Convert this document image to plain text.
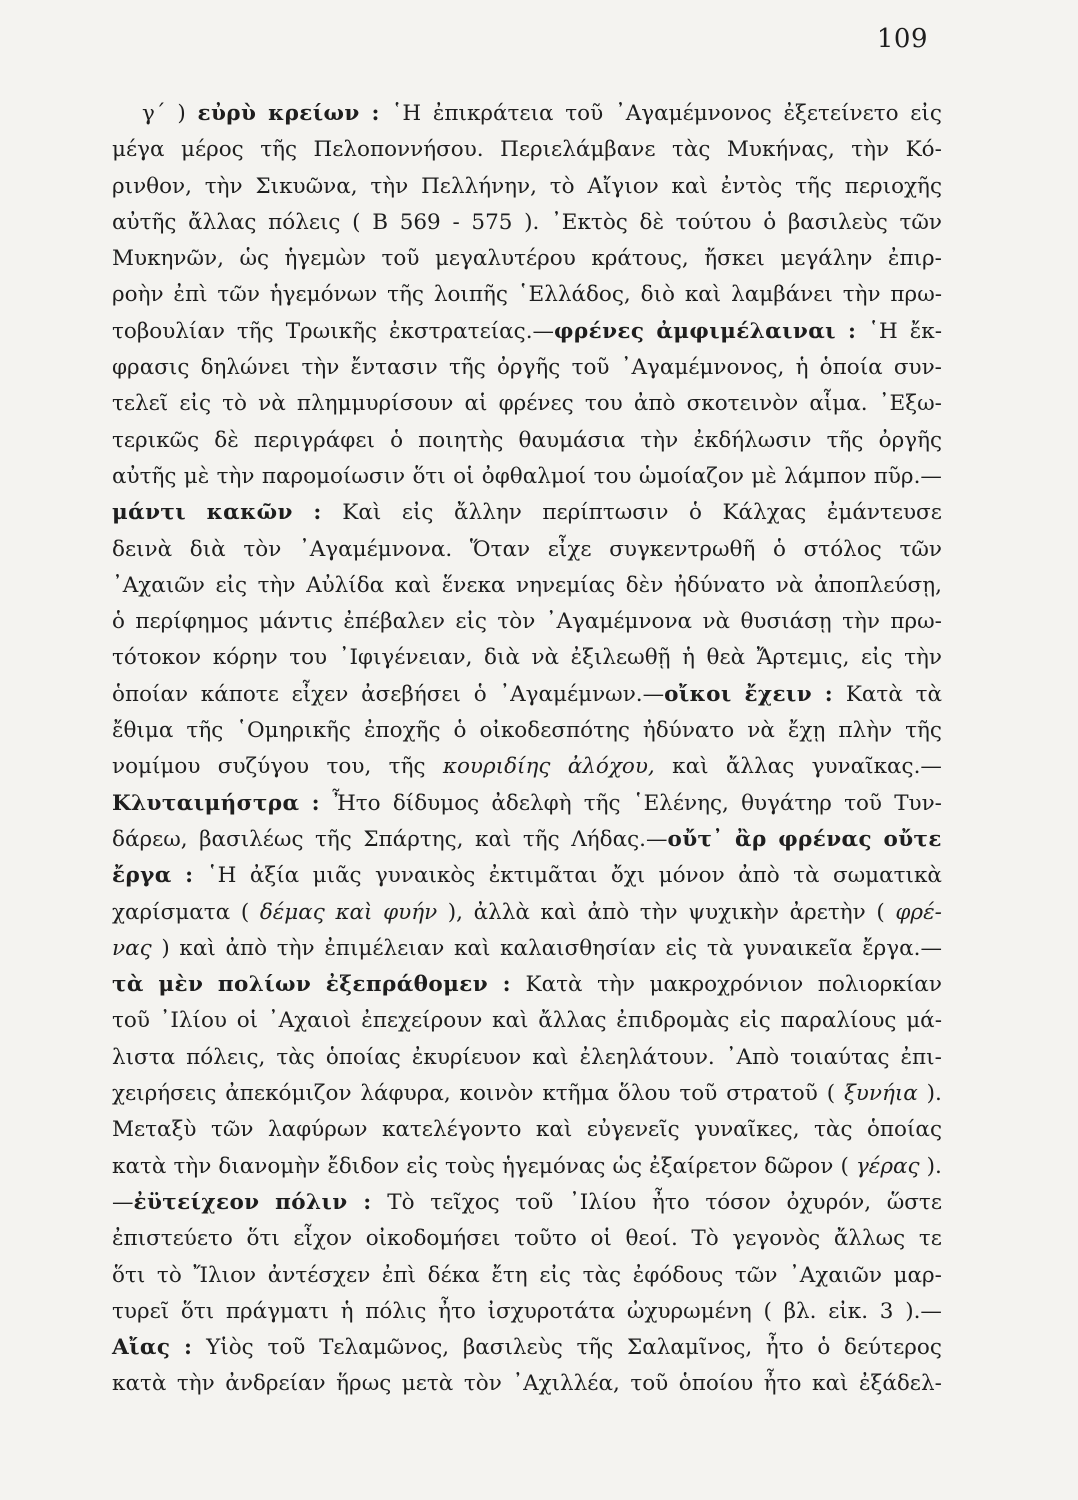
109
γ΄ ) εὐρὺ κρείων : ῾Η ἐπικράτεια τοῦ ᾿Αγαμέμνονος ἐξετείνετο εἰς
μέγα μέρος τῆς Πελοποννήσου. Περιελάμβανε τὰς Μυκήνας, τὴν Κό-
ρινθον, τὴν Σικυῶνα, τὴν Πελλήνην, τὸ Αἴγιον καὶ ἐντὸς τῆς περιοχῆς
αὐτῆς ἄλλας πόλεις ( Β 569 - 575 ). ᾿Εκτὸς δὲ τούτου ὁ βασιλεὺς τῶν
Μυκηνῶν, ὡς ἡγεμὼν τοῦ μεγαλυτέρου κράτους, ἤσκει μεγάλην ἐπιρ-
ροὴν ἐπὶ τῶν ἡγεμόνων τῆς λοιπῆς ῾Ελλάδος, διὸ καὶ λαμβάνει τὴν πρω-
τοβουλίαν τῆς Τρωικῆς ἐκστρατείας.—φρένες ἀμφιμέλαιναι : ῾Η ἔκ-
φρασις δηλώνει τὴν ἔντασιν τῆς ὀργῆς τοῦ ᾿Αγαμέμνονος, ἡ ὁποία συν-
τελεῖ εἰς τὸ νὰ πλημμυρίσουν αἱ φρένες του ἀπὸ σκοτεινὸν αἷμα. ᾿Εξω-
τερικῶς δὲ περιγράφει ὁ ποιητὴς θαυμάσια τὴν ἐκδήλωσιν τῆς ὀργῆς
αὐτῆς μὲ τὴν παρομοίωσιν ὅτι οἱ ὀφθαλμοί του ὡμοίαζον μὲ λάμπον πῦρ.—
μάντι κακῶν : Καὶ εἰς ἄλλην περίπτωσιν ὁ Κάλχας ἐμάντευσε
δεινὰ διὰ τὸν ᾿Αγαμέμνονα. Ὅταν εἶχε συγκεντρωθῆ ὁ στόλος τῶν
᾿Αχαιῶν εἰς τὴν Αὐλίδα καὶ ἕνεκα νηνεμίας δὲν ἠδύνατο νὰ ἀποπλεύσῃ,
ὁ περίφημος μάντις ἐπέβαλεν εἰς τὸν ᾿Αγαμέμνονα νὰ θυσιάσῃ τὴν πρω-
τότοκον κόρην του ᾿Ιφιγένειαν, διὰ νὰ ἐξιλεωθῇ ἡ θεὰ Ἄρτεμις, εἰς τὴν
ὁποίαν κάποτε εἶχεν ἀσεβήσει ὁ ᾿Αγαμέμνων.—οἴκοι ἔχειν : Κατὰ τὰ
ἔθιμα τῆς ῾Ομηρικῆς ἐποχῆς ὁ οἰκοδεσπότης ἠδύνατο νὰ ἔχῃ πλὴν τῆς
νομίμου συζύγου του, τῆς κουριδίης ἀλόχου, καὶ ἄλλας γυναῖκας.—
Κλυταιμήστρα : Ἦτο δίδυμος ἀδελφὴ τῆς ῾Ελένης, θυγάτηρ τοῦ Τυν-
δάρεω, βασιλέως τῆς Σπάρτης, καὶ τῆς Λήδας.—οὔτ᾿ ἂρ φρένας οὔτε
ἔργα : ῾Η ἀξία μιᾶς γυναικὸς ἐκτιμᾶται ὄχι μόνον ἀπὸ τὰ σωματικὰ
χαρίσματα ( δέμας καὶ φυήν ), ἀλλὰ καὶ ἀπὸ τὴν ψυχικὴν ἀρετὴν ( φρέ-
νας ) καὶ ἀπὸ τὴν ἐπιμέλειαν καὶ καλαισθησίαν εἰς τὰ γυναικεῖα ἔργα.—
τὰ μὲν πολίων ἐξεπράθομεν : Κατὰ τὴν μακροχρόνιον πολιορκίαν
τοῦ ᾿Ιλίου οἱ ᾿Αχαιοὶ ἐπεχείρουν καὶ ἄλλας ἐπιδρομὰς εἰς παραλίους μά-
λιστα πόλεις, τὰς ὁποίας ἐκυρίευον καὶ ἐλεηλάτουν. ᾿Απὸ τοιαύτας ἐπι-
χειρήσεις ἀπεκόμιζον λάφυρα, κοινὸν κτῆμα ὅλου τοῦ στρατοῦ ( ξυνήια ).
Μεταξὺ τῶν λαφύρων κατελέγοντο καὶ εὐγενεῖς γυναῖκες, τὰς ὁποίας
κατὰ τὴν διανομὴν ἔδιδον εἰς τοὺς ἡγεμόνας ὡς ἐξαίρετον δῶρον ( γέρας ).
—ἐϋτείχεον πόλιν : Τὸ τεῖχος τοῦ ᾿Ιλίου ἦτο τόσον ὀχυρόν, ὥστε
ἐπιστεύετο ὅτι εἶχον οἰκοδομήσει τοῦτο οἱ θεοί. Τὸ γεγονὸς ἄλλως τε
ὅτι τὸ Ἴλιον ἀντέσχεν ἐπὶ δέκα ἔτη εἰς τὰς ἐφόδους τῶν ᾿Αχαιῶν μαρ-
τυρεῖ ὅτι πράγματι ἡ πόλις ἦτο ἰσχυροτάτα ὠχυρωμένη ( βλ. εἰκ. 3 ).—
Αἴας : Υἱὸς τοῦ Τελαμῶνος, βασιλεὺς τῆς Σαλαμῖνος, ἦτο ὁ δεύτερος
κατὰ τὴν ἀνδρείαν ἥρως μετὰ τὸν ᾿Αχιλλέα, τοῦ ὁποίου ἦτο καὶ ἐξάδελ-
